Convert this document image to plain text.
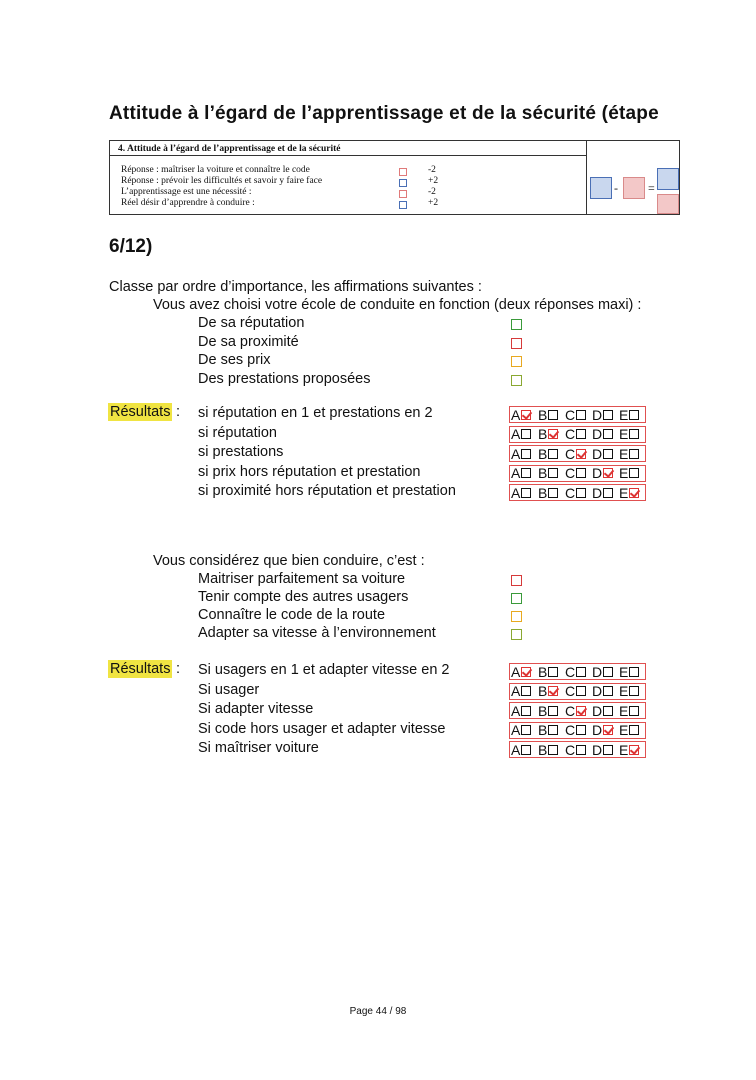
Attitude à l’égard de l’apprentissage et de la sécurité (étape
4. Attitude à l’égard de l’apprentissage et de la sécurité
Réponse : maîtriser la voiture et connaître le code	-2
Réponse : prévoir les difficultés et savoir y faire face	+2
L’apprentissage est une nécessité :	-2
Réel désir d’apprendre à conduire :	+2
-	=
6/12)
Classe par ordre d’importance, les affirmations suivantes :
Vous avez choisi votre école de conduite en fonction (deux réponses maxi) :
De sa réputation
De sa proximité
De ses prix
Des prestations proposées
Résultats : si réputation en 1 et prestations en 2	A B C D E
si réputation	A B C D E
si prestations	A B C D E
si prix hors réputation et prestation	A B C D E
si proximité hors réputation et prestation	A B C D E
Vous considérez que bien conduire, c’est :
Maitriser parfaitement sa voiture
Tenir compte des autres usagers
Connaître le code de la route
Adapter sa vitesse à l’environnement
Résultats : Si usagers en 1 et adapter vitesse en 2	A B C D E
Si usager	A B C D E
Si adapter vitesse	A B C D E
Si code hors usager et adapter vitesse	A B C D E
Si maîtriser voiture	A B C D E
Page 44 / 98
